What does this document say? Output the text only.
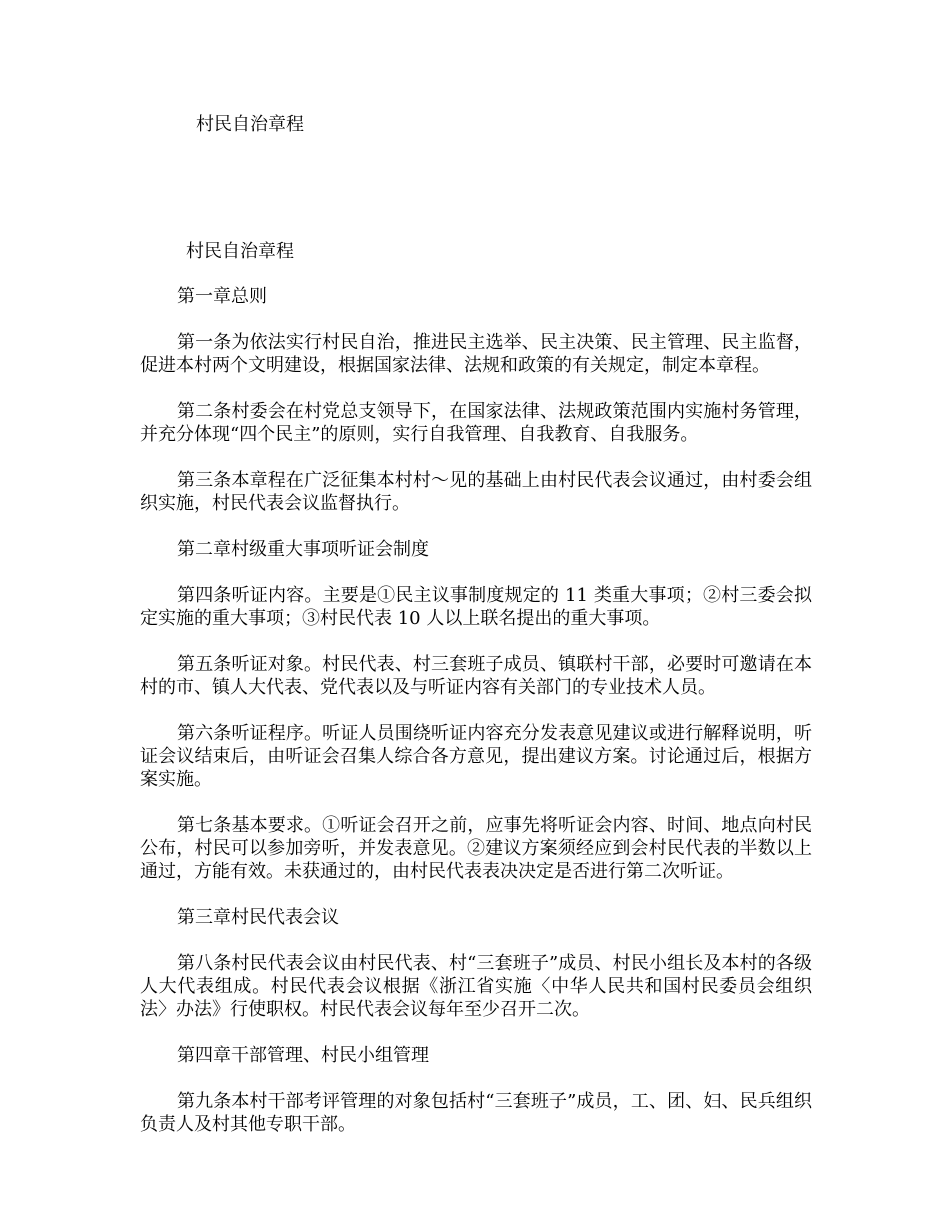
村民自治章程
村民自治章程

第一章总则

第一条为依法实行村民自治，推进民主选举、民主决策、民主管理、民主监督，促进本村两个文明建设，根据国家法律、法规和政策的有关规定，制定本章程。

第二条村委会在村党总支领导下，在国家法律、法规政策范围内实施村务管理，并充分体现“四个民主”的原则，实行自我管理、自我教育、自我服务。

第三条本章程在广泛征集本村村～见的基础上由村民代表会议通过，由村委会组织实施，村民代表会议监督执行。

第二章村级重大事项听证会制度

第四条听证内容。主要是①民主议事制度规定的 11 类重大事项；②村三委会拟定实施的重大事项；③村民代表 10 人以上联名提出的重大事项。

第五条听证对象。村民代表、村三套班子成员、镇联村干部，必要时可邀请在本村的市、镇人大代表、党代表以及与听证内容有关部门的专业技术人员。

第六条听证程序。听证人员围绕听证内容充分发表意见建议或进行解释说明，听证会议结束后，由听证会召集人综合各方意见，提出建议方案。讨论通过后，根据方案实施。

第七条基本要求。①听证会召开之前，应事先将听证会内容、时间、地点向村民公布，村民可以参加旁听，并发表意见。②建议方案须经应到会村民代表的半数以上通过，方能有效。未获通过的，由村民代表表决决定是否进行第二次听证。

第三章村民代表会议

第八条村民代表会议由村民代表、村“三套班子”成员、村民小组长及本村的各级人大代表组成。村民代表会议根据《浙江省实施〈中华人民共和国村民委员会组织法〉办法》行使职权。村民代表会议每年至少召开二次。

第四章干部管理、村民小组管理

第九条本村干部考评管理的对象包括村“三套班子”成员，工、团、妇、民兵组织负责人及村其他专职干部。
